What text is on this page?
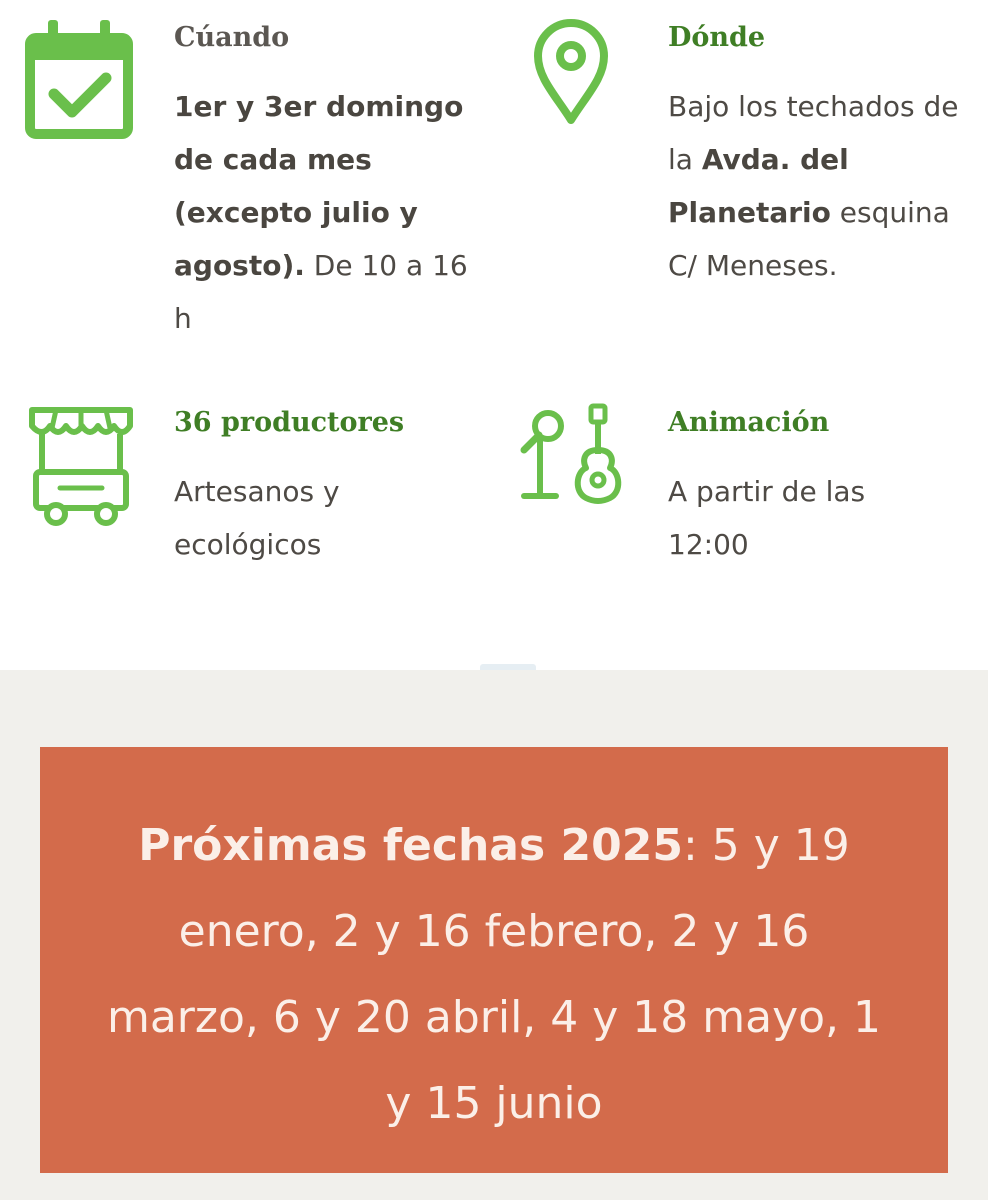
Cúando

1er y 3er domingo de cada mes (excepto julio y agosto). De 10 a 16 h

Dónde

Bajo los techados de la Avda. del Planetario esquina C/ Meneses.

36 productores

Artesanos y ecológicos

Animación

A partir de las 12:00

Próximas fechas 2025: 5 y 19 enero, 2 y 16 febrero, 2 y 16 marzo, 6 y 20 abril, 4 y 18 mayo, 1 y 15 junio
